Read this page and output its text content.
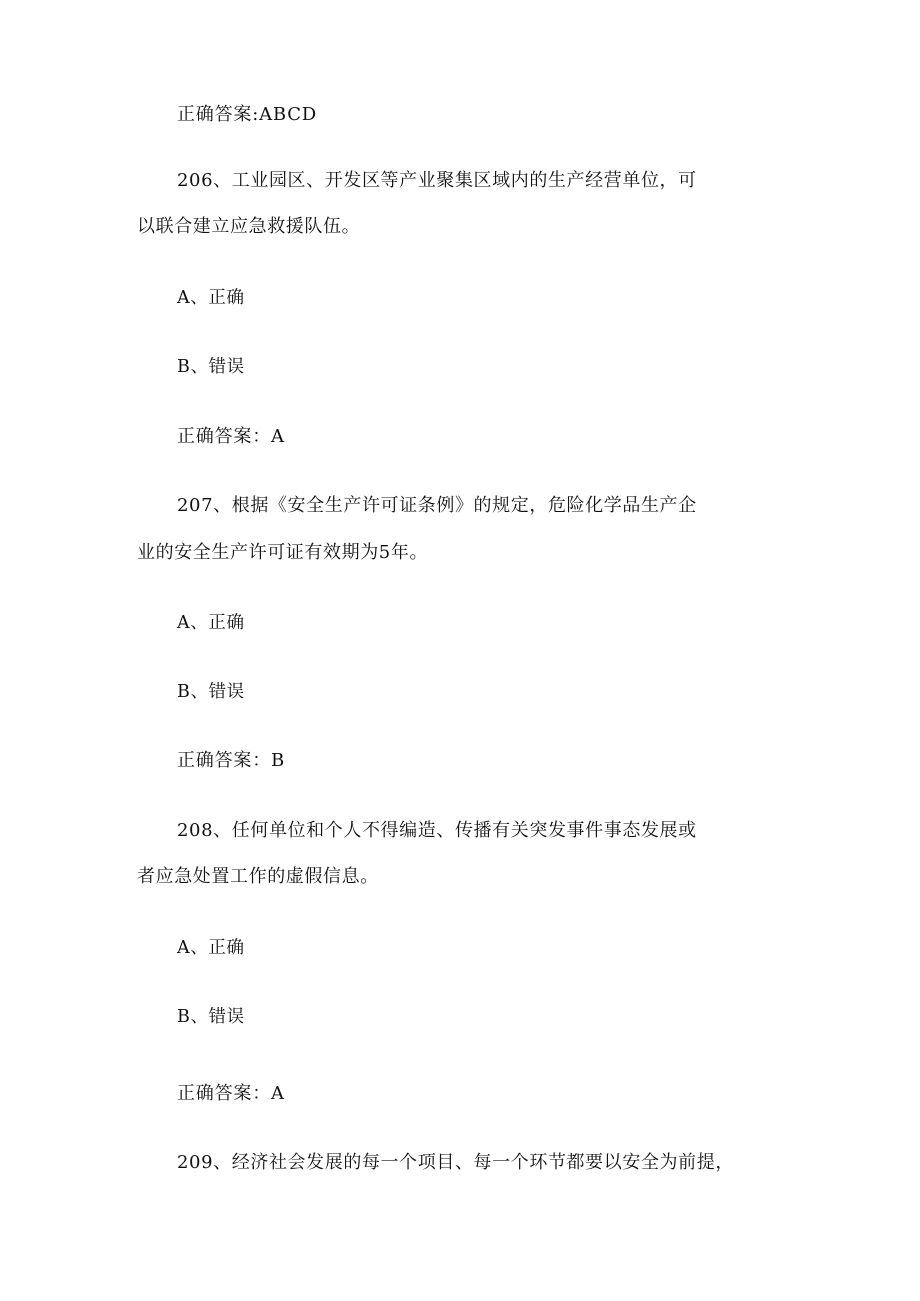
正确答案:ABCD
206、工业园区、开发区等产业聚集区域内的生产经营单位，可
以联合建立应急救援队伍。
A、正确
B、错误
正确答案：A
207、根据《安全生产许可证条例》的规定，危险化学品生产企
业的安全生产许可证有效期为5年。
A、正确
B、错误
正确答案：B
208、任何单位和个人不得编造、传播有关突发事件事态发展或
者应急处置工作的虚假信息。
A、正确
B、错误
正确答案：A
209、经济社会发展的每一个项目、每一个环节都要以安全为前提，
